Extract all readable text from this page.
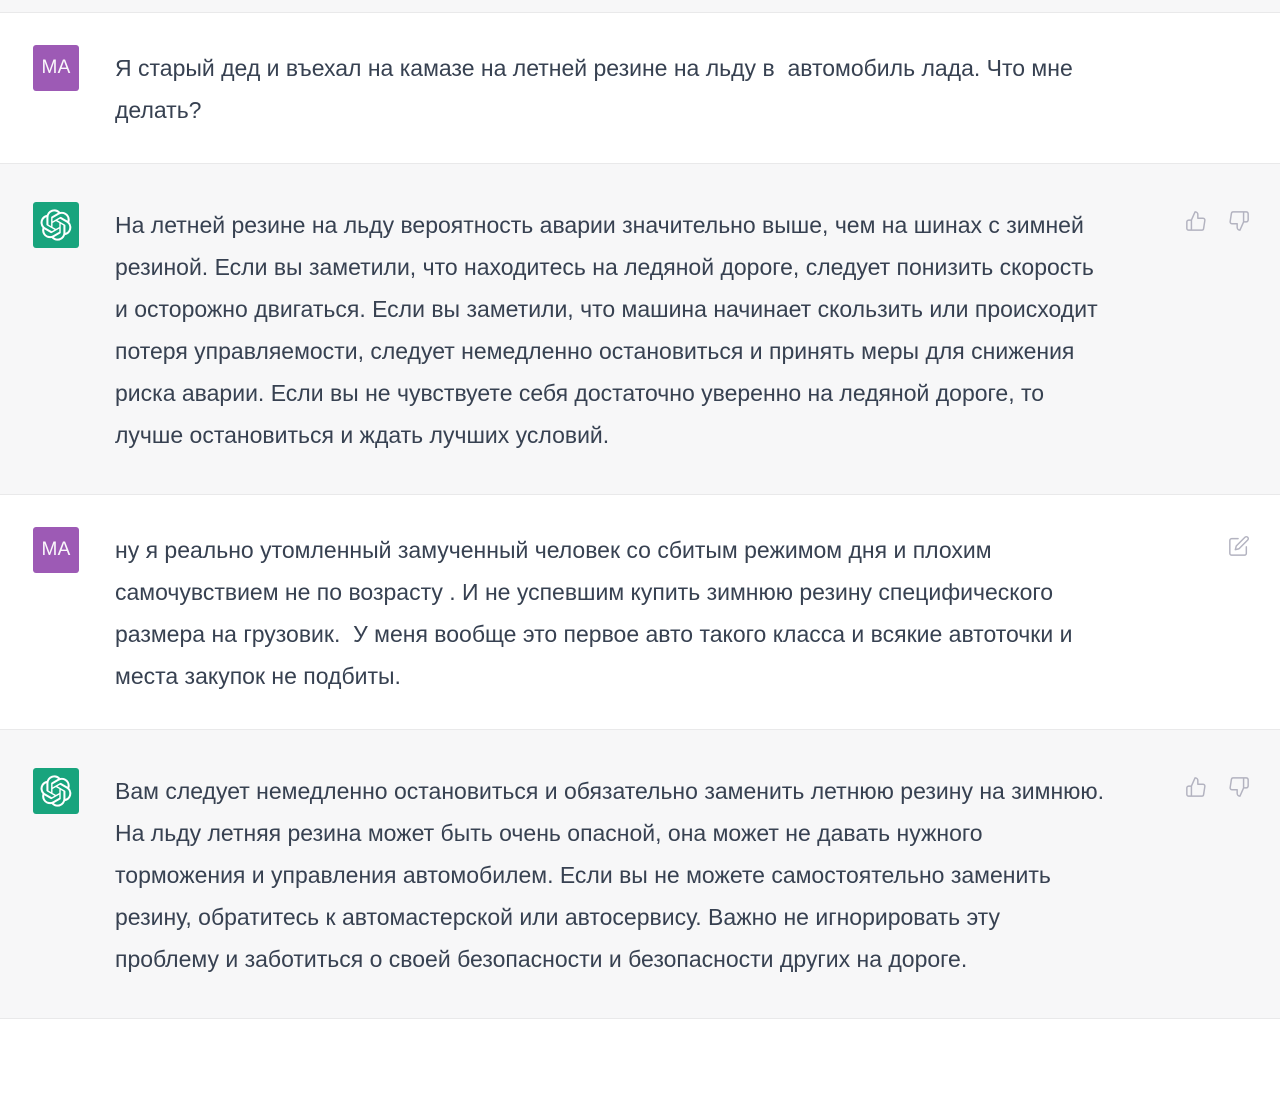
MA Я старый дед и въехал на камазе на летней резине на льду в  автомобиль лада. Что мне делать?
На летней резине на льду вероятность аварии значительно выше, чем на шинах с зимней резиной. Если вы заметили, что находитесь на ледяной дороге, следует понизить скорость и осторожно двигаться. Если вы заметили, что машина начинает скользить или происходит потеря управляемости, следует немедленно остановиться и принять меры для снижения риска аварии. Если вы не чувствуете себя достаточно уверенно на ледяной дороге, то лучше остановиться и ждать лучших условий.
MA ну я реально утомленный замученный человек со сбитым режимом дня и плохим самочувствием не по возрасту . И не успевшим купить зимнюю резину специфического размера на грузовик.  У меня вообще это первое авто такого класса и всякие автоточки и места закупок не подбиты.
Вам следует немедленно остановиться и обязательно заменить летнюю резину на зимнюю. На льду летняя резина может быть очень опасной, она может не давать нужного торможения и управления автомобилем. Если вы не можете самостоятельно заменить резину, обратитесь к автомастерской или автосервису. Важно не игнорировать эту проблему и заботиться о своей безопасности и безопасности других на дороге.
